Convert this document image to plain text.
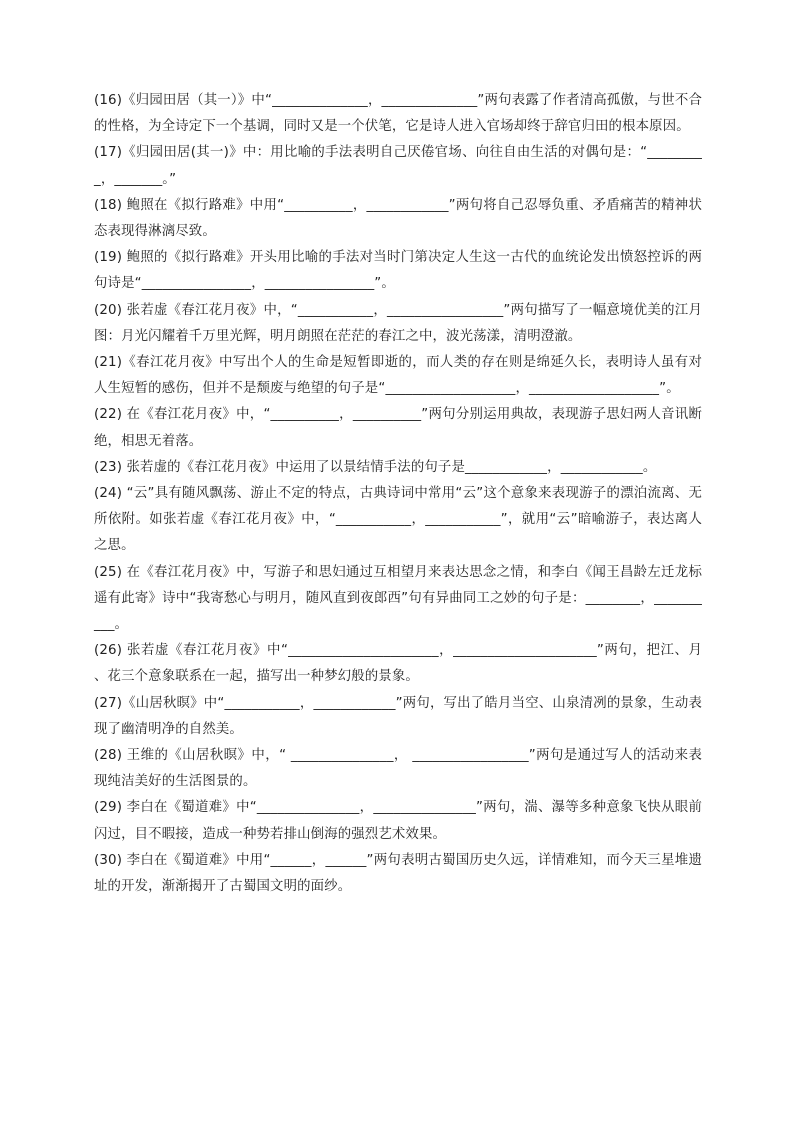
(16)《归园田居（其一）》中“______________，______________”两句表露了作者清高孤傲，与世不合的性格，为全诗定下一个基调，同时又是一个伏笔，它是诗人进入官场却终于辞官归田的根本原因。

(17)《归园田居(其一)》中：用比喻的手法表明自己厌倦官场、向往自由生活的对偶句是：“_________，_______。”

(18) 鲍照在《拟行路难》中用“__________，____________”两句将自己忍辱负重、矛盾痛苦的精神状态表现得淋漓尽致。

(19) 鲍照的《拟行路难》开头用比喻的手法对当时门第决定人生这一古代的血统论发出愤怒控诉的两句诗是“________________，________________”。

(20) 张若虚《春江花月夜》中，“___________，_________________”两句描写了一幅意境优美的江月图：月光闪耀着千万里光辉，明月朗照在茫茫的春江之中，波光荡漾，清明澄澈。

(21)《春江花月夜》中写出个人的生命是短暂即逝的，而人类的存在则是绵延久长，表明诗人虽有对人生短暂的感伤，但并不是颓废与绝望的句子是“___________________，___________________”。

(22) 在《春江花月夜》中，“__________，__________”两句分别运用典故，表现游子思妇两人音讯断绝，相思无着落。

(23) 张若虚的《春江花月夜》中运用了以景结情手法的句子是____________，____________。

(24) “云”具有随风飘荡、游止不定的特点，古典诗词中常用“云”这个意象来表现游子的漂泊流离、无所依附。如张若虚《春江花月夜》中，“___________，___________”，就用“云”暗喻游子，表达离人之思。

(25) 在《春江花月夜》中，写游子和思妇通过互相望月来表达思念之情，和李白《闻王昌龄左迁龙标遥有此寄》诗中“我寄愁心与明月，随风直到夜郎西”句有异曲同工之妙的句子是：________，__________。

(26) 张若虚《春江花月夜》中“______________________，_____________________”两句，把江、月、花三个意象联系在一起，描写出一种梦幻般的景象。

(27)《山居秋暝》中“___________，____________”两句，写出了皓月当空、山泉清冽的景象，生动表现了幽清明净的自然美。

(28) 王维的《山居秋暝》中，“ _______________， _________________”两句是通过写人的活动来表现纯洁美好的生活图景的。

(29) 李白在《蜀道难》中“_______________，_______________”两句，湍、瀑等多种意象飞快从眼前闪过，目不暇接，造成一种势若排山倒海的强烈艺术效果。

(30) 李白在《蜀道难》中用“______，______”两句表明古蜀国历史久远，详情难知，而今天三星堆遗址的开发，渐渐揭开了古蜀国文明的面纱。
